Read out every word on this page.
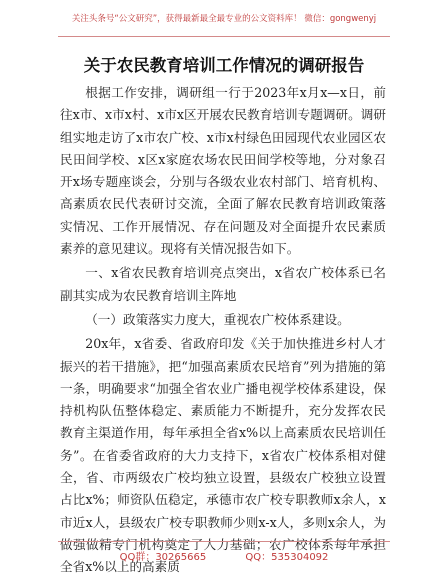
关注头条号“公文研究”，获得最新最全最专业的公文资料库！ 微信：gongwenyj
关于农民教育培训工作情况的调研报告

根据工作安排，调研组一行于2023年x月x—x日，前往x市、x市x村、x市x区开展农民教育培训专题调研。调研组实地走访了x市农广校、x市x村绿色田园现代农业园区农民田间学校、x区x家庭农场农民田间学校等地，分对象召开x场专题座谈会，分别与各级农业农村部门、培育机构、高素质农民代表研讨交流，全面了解农民教育培训政策落实情况、工作开展情况、存在问题及对全面提升农民素质素养的意见建议。现将有关情况报告如下。

一、x省农民教育培训亮点突出，x省农广校体系已名副其实成为农民教育培训主阵地

（一）政策落实力度大，重视农广校体系建设。

20x年，x省委、省政府印发《关于加快推进乡村人才振兴的若干措施》，把“加强高素质农民培育”列为措施的第一条，明确要求“加强全省农业广播电视学校体系建设，保持机构队伍整体稳定、素质能力不断提升，充分发挥农民教育主渠道作用，每年承担全省x%以上高素质农民培训任务”。在省委省政府的大力支持下，x省农广校体系相对健全，省、市两级农广校均独立设置，县级农广校独立设置占比x%；师资队伍稳定，承德市农广校专职教师x余人，x市近x人，县级农广校专职教师少则x-x人，多则x余人，为做强做精专门机构奠定了人力基础；农广校体系每年承担全省x%以上的高素质

QQ群：30265665	QQ：535304092
